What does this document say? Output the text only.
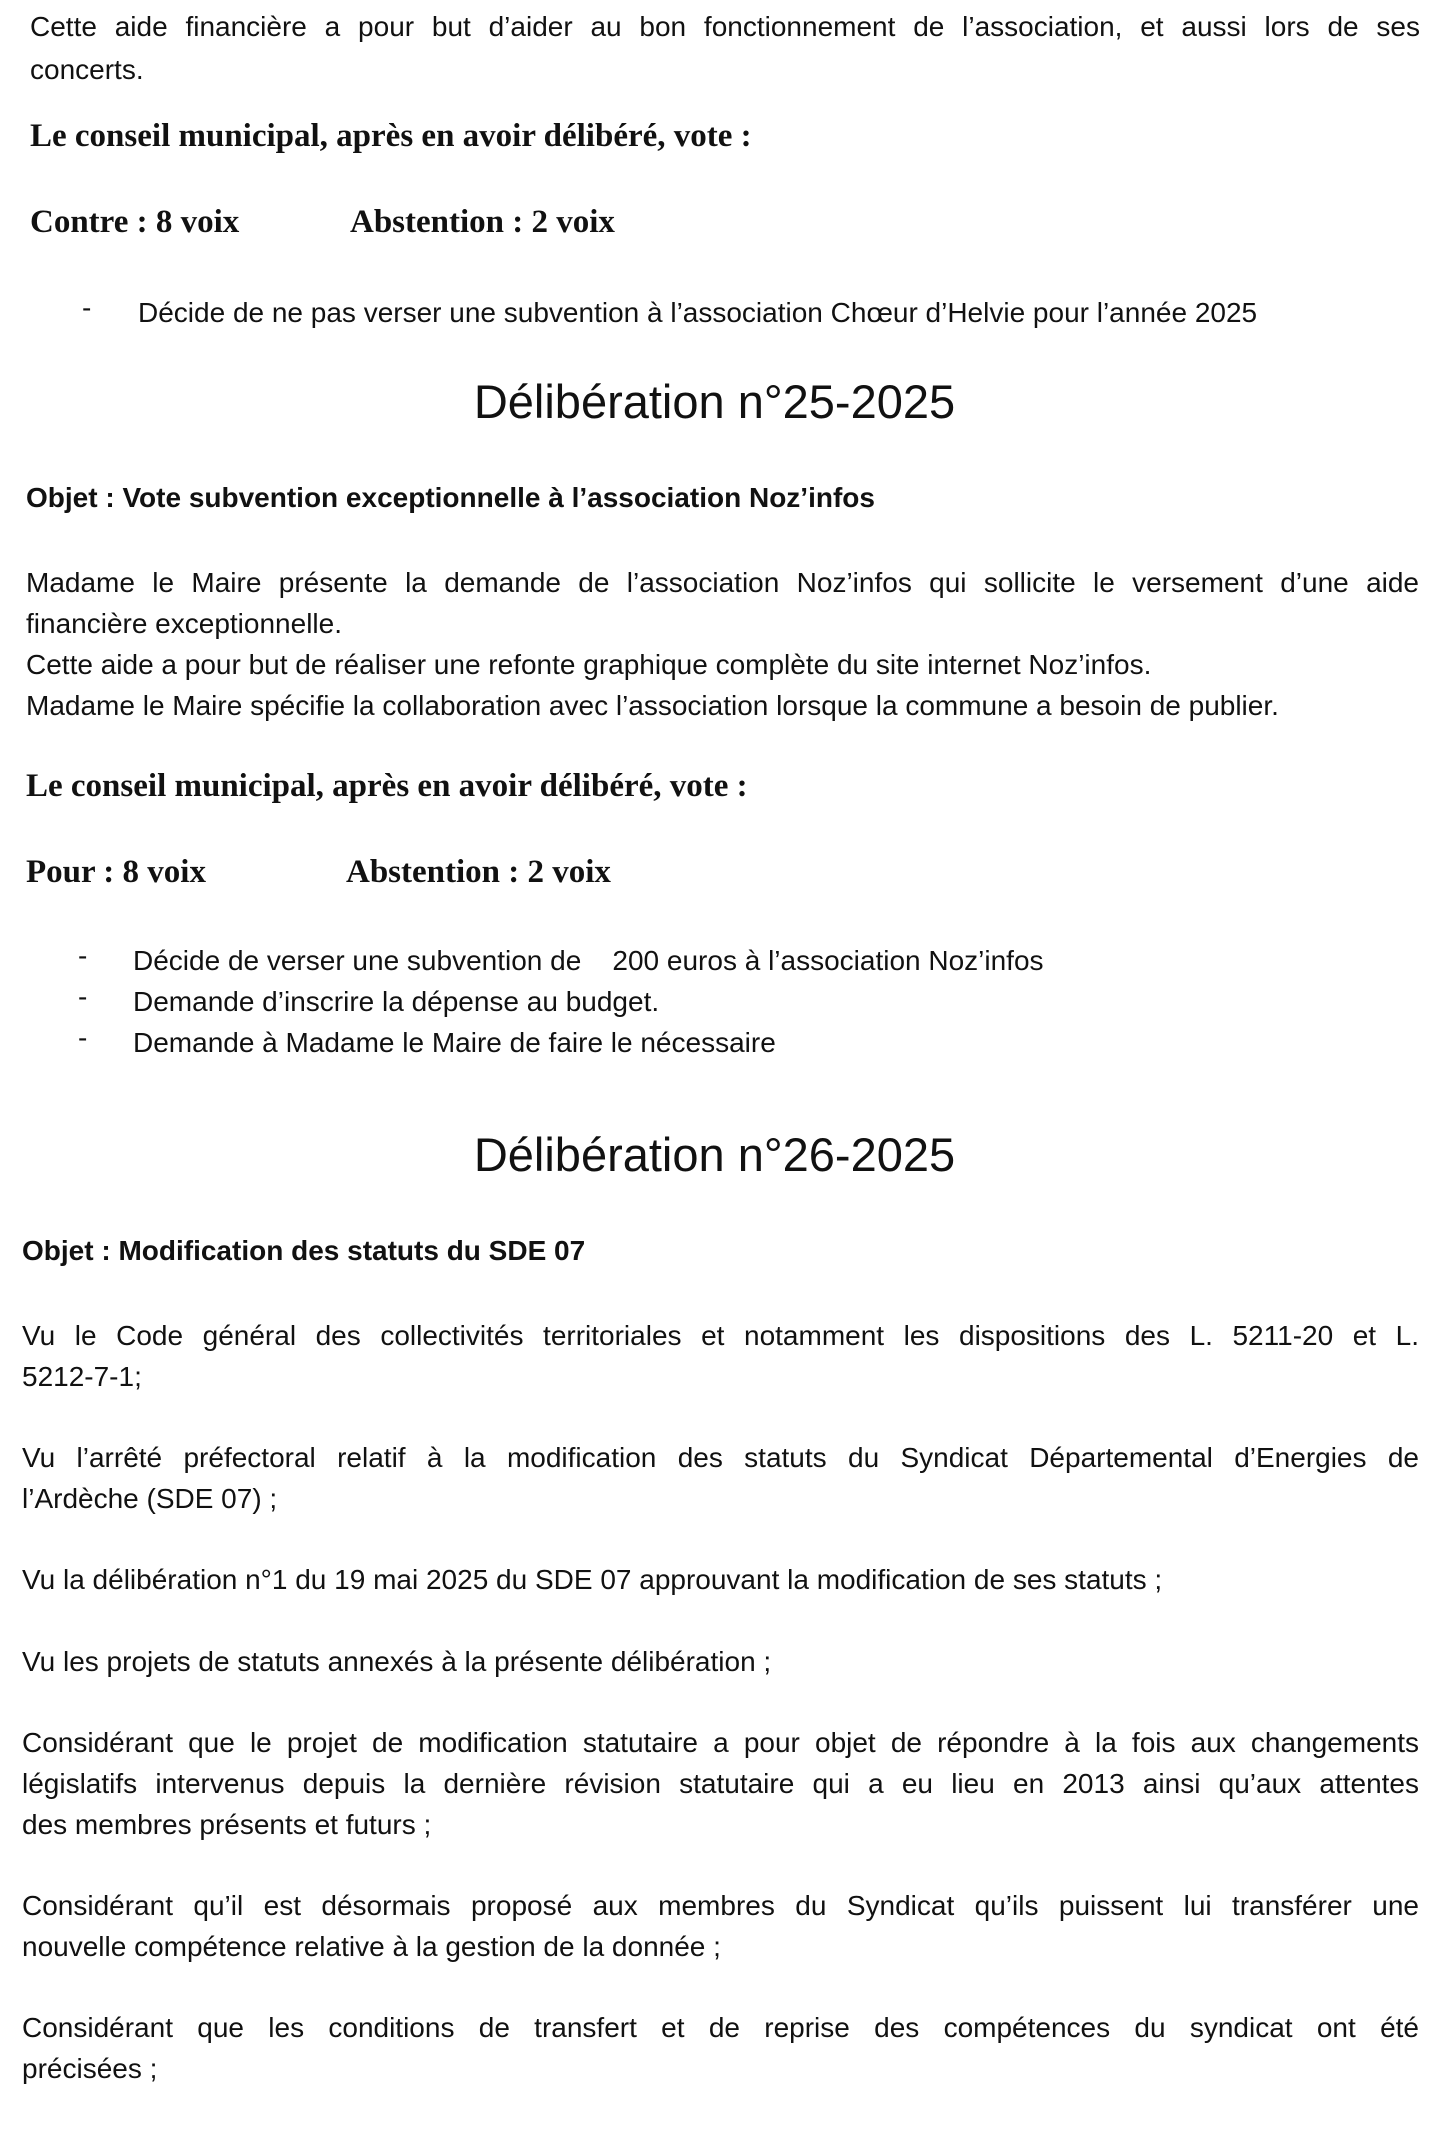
Cette aide financière a pour but d’aider au bon fonctionnement de l’association, et aussi lors de ses

concerts.

Le conseil municipal, après en avoir délibéré, vote :

Contre : 8 voix	Abstention : 2 voix

- Décide de ne pas verser une subvention à l’association Chœur d’Helvie pour l’année 2025

Délibération n°25-2025

Objet : Vote subvention exceptionnelle à l’association Noz’infos

Madame le Maire présente la demande de l’association Noz’infos qui sollicite le versement d’une aide

financière exceptionnelle.

Cette aide a pour but de réaliser une refonte graphique complète du site internet Noz’infos.

Madame le Maire spécifie la collaboration avec l’association lorsque la commune a besoin de publier.

Le conseil municipal, après en avoir délibéré, vote :

Pour : 8 voix	Abstention : 2 voix

- Décide de verser une subvention de    200 euros à l’association Noz’infos

- Demande d’inscrire la dépense au budget.

- Demande à Madame le Maire de faire le nécessaire

Délibération n°26-2025

Objet : Modification des statuts du SDE 07

Vu le Code général des collectivités territoriales et notamment les dispositions des L. 5211-20 et L.

5212-7-1;

Vu l’arrêté préfectoral relatif à la modification des statuts du Syndicat Départemental d’Energies de

l’Ardèche (SDE 07) ;

Vu la délibération n°1 du 19 mai 2025 du SDE 07 approuvant la modification de ses statuts ;

Vu les projets de statuts annexés à la présente délibération ;

Considérant que le projet de modification statutaire a pour objet de répondre à la fois aux changements

législatifs intervenus depuis la dernière révision statutaire qui a eu lieu en 2013 ainsi qu’aux attentes

des membres présents et futurs ;

Considérant qu’il est désormais proposé aux membres du Syndicat qu’ils puissent lui transférer une

nouvelle compétence relative à la gestion de la donnée ;

Considérant que les conditions de transfert et de reprise des compétences du syndicat ont été

précisées ;
